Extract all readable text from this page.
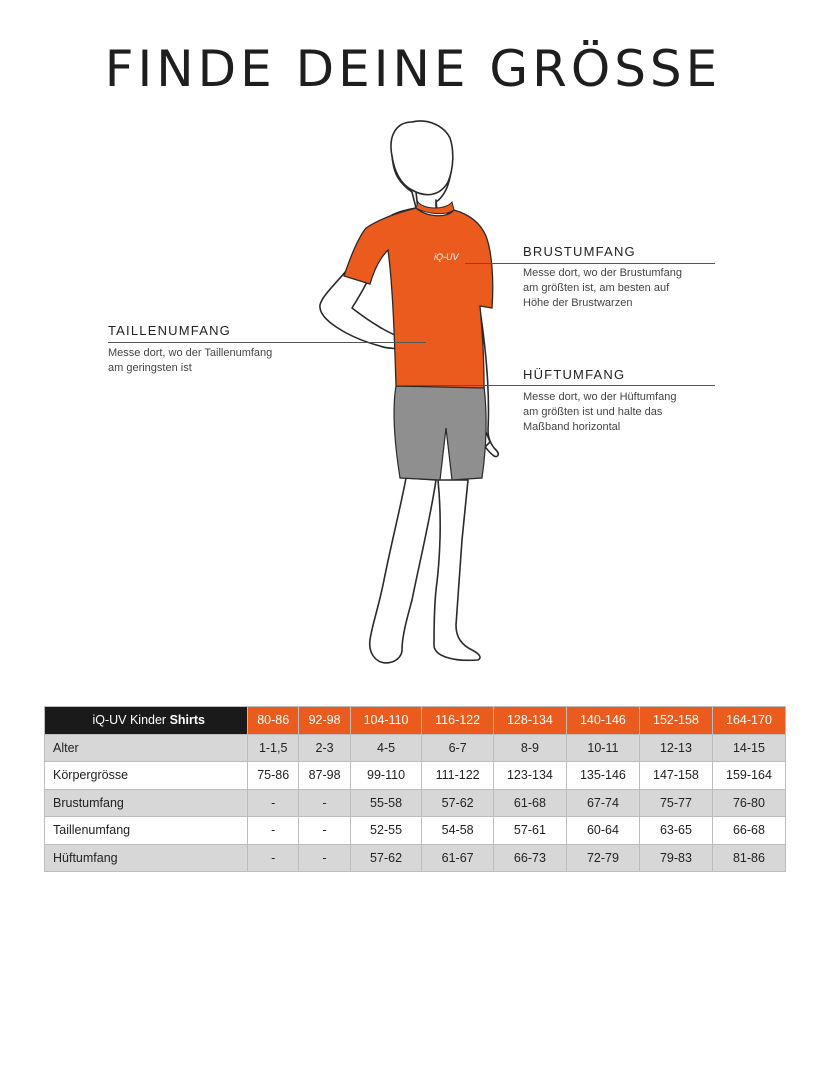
FINDE DEINE GRÖSSE
iQ-UV	BRUSTUMFANG
Messe dort, wo der Brustumfang
am größten ist, am besten auf
Höhe der Brustwarzen
TAILLENUMFANG
Messe dort, wo der Taillenumfang
am geringsten ist	HÜFTUMFANG
Messe dort, wo der Hüftumfang
am größten ist und halte das
Maßband horizontal
iQ-UV Kinder Shirts	80-86	92-98	104-110	116-122	128-134	140-146	152-158	164-170
Alter	1-1,5	2-3	4-5	6-7	8-9	10-11	12-13	14-15
Körpergrösse	75-86	87-98	99-110	111-122	123-134	135-146	147-158	159-164
Brustumfang	-	-	55-58	57-62	61-68	67-74	75-77	76-80
Taillenumfang	-	-	52-55	54-58	57-61	60-64	63-65	66-68
Hüftumfang	-	-	57-62	61-67	66-73	72-79	79-83	81-86
